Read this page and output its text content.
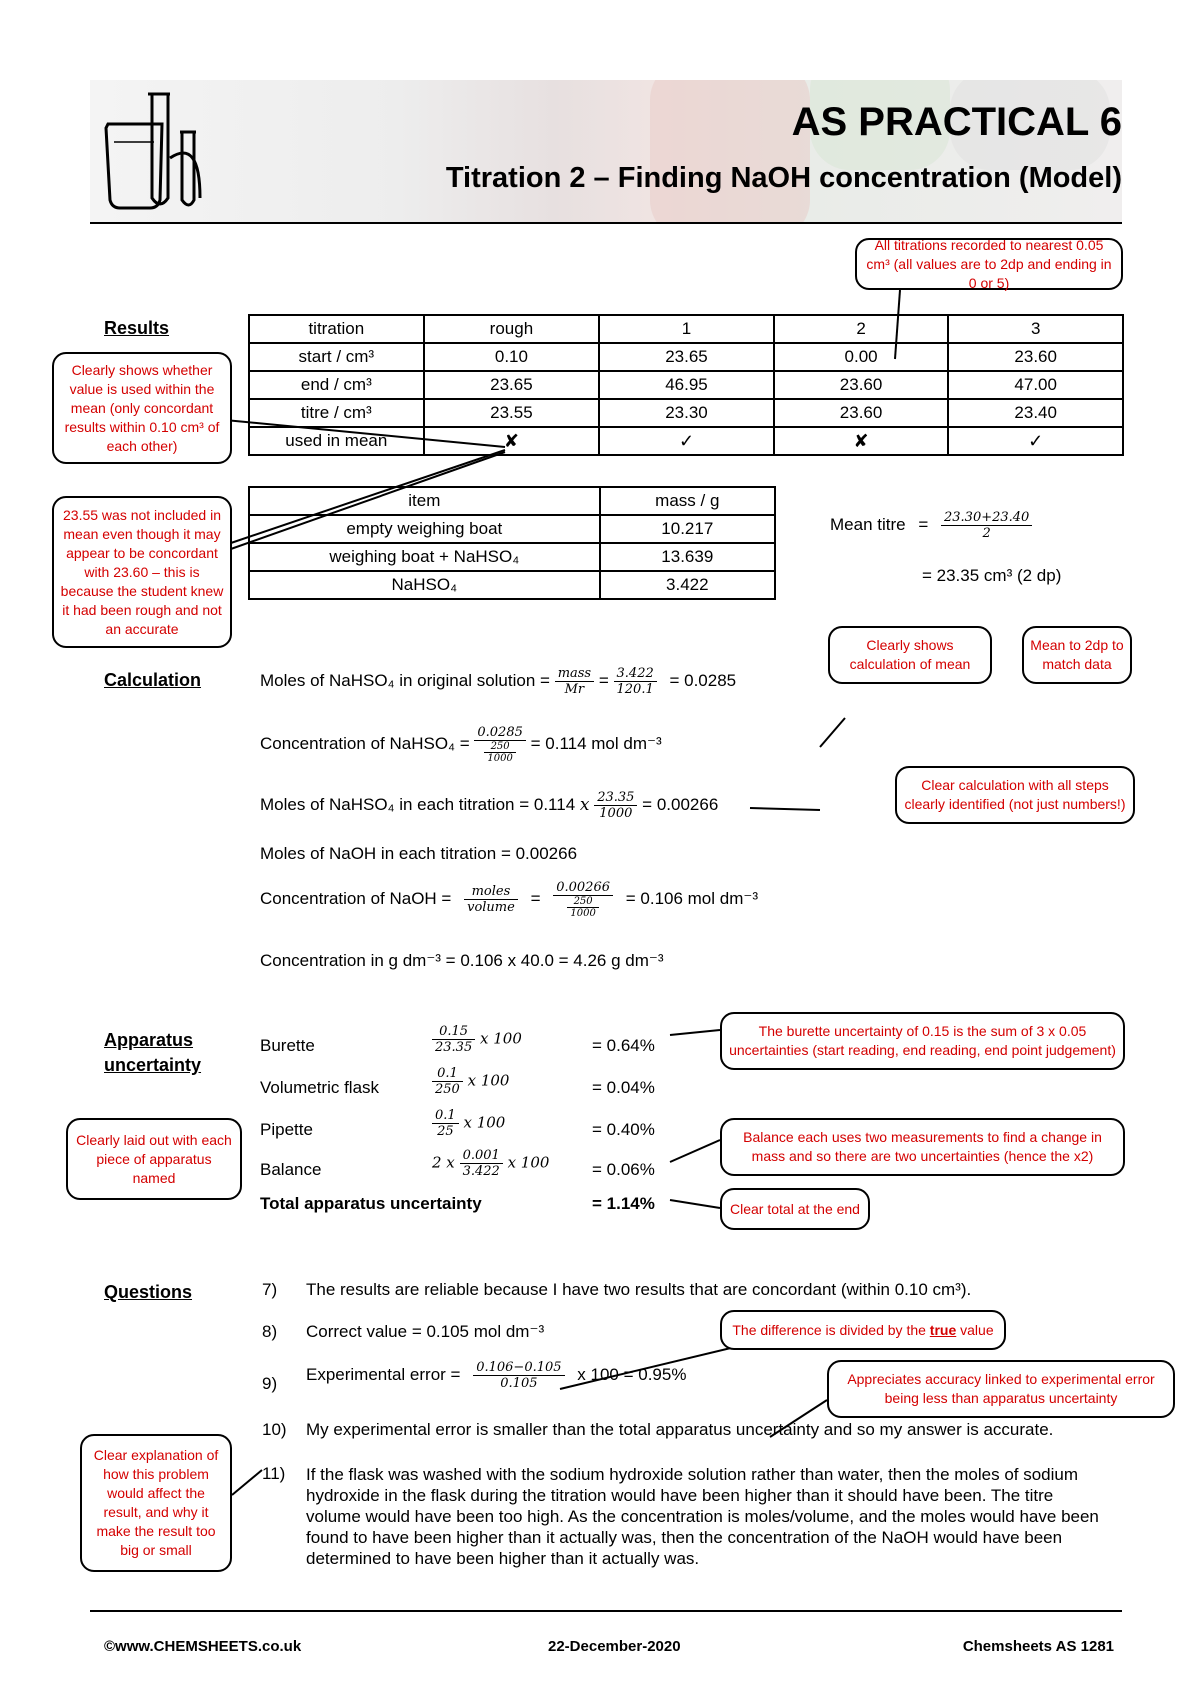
AS PRACTICAL 6
Titration 2 – Finding NaOH concentration (Model)
Results	titration	rough	1	2	3
start / cm³	0.10	23.65	0.00	23.60
end / cm³	23.65	46.95	23.60	47.00
titre / cm³	23.55	23.30	23.60	23.40
used in mean	✘	✓	✘	✓
item	mass / g
empty weighing boat	10.217
weighing boat + NaHSO₄	13.639
NaHSO₄	3.422
Mean titre = $\frac{23.30+23.40}{2}$
= 23.35 cm³ (2 dp)
Calculation	Moles of NaHSO₄ in original solution = $\frac{\text{mass}}{Mr} = \frac{3.422}{120.1} = 0.0285$
Concentration of NaHSO₄ = $\frac{0.0285}{\frac{250}{1000}} = 0.114$ mol dm⁻³
Moles of NaHSO₄ in each titration = 0.114 x $\frac{23.35}{1000} = 0.00266$
Moles of NaOH in each titration = 0.00266
Concentration of NaOH = $\frac{\text{moles}}{\text{volume}} = \frac{0.00266}{\frac{250}{1000}} = 0.106$ mol dm⁻³
Concentration in g dm⁻³ = 0.106 x 40.0 = 4.26 g dm⁻³
Apparatus
uncertainty
Burette	$\frac{0.15}{23.35}$ x 100	= 0.64%
Volumetric flask	$\frac{0.1}{250}$ x 100	= 0.04%
Pipette	$\frac{0.1}{25}$ x 100	= 0.40%
Balance	2 x $\frac{0.001}{3.422}$ x 100	= 0.06%
Total apparatus uncertainty	= 1.14%
Questions	7) The results are reliable because I have two results that are concordant (within 0.10 cm³).
8) Correct value = 0.105 mol dm⁻³
9) Experimental error = $\frac{0.106-0.105}{0.105}$ x 100 = 0.95%
10) My experimental error is smaller than the total apparatus uncertainty and so my answer is accurate.
11) If the flask was washed with the sodium hydroxide solution rather than water, then the moles of sodium hydroxide in the flask during the titration would have been higher than it should have been. The titre volume would have been too high. As the concentration is moles/volume, and the moles would have been found to have been higher than it actually was, then the concentration of the NaOH would have been determined to have been higher than it actually was.
All titrations recorded to nearest 0.05 cm³ (all values are to 2dp and ending in 0 or 5)
Clearly shows whether value is used within the mean (only concordant results within 0.10 cm³ of each other)
23.55 was not included in mean even though it may appear to be concordant with 23.60 – this is because the student knew it had been rough and not an accurate
Clearly shows calculation of mean
Mean to 2dp to match data
Clear calculation with all steps clearly identified (not just numbers!)
The burette uncertainty of 0.15 is the sum of 3 x 0.05 uncertainties (start reading, end reading, end point judgement)
Clearly laid out with each piece of apparatus named
Balance each uses two measurements to find a change in mass and so there are two uncertainties (hence the x2)
Clear total at the end
The difference is divided by the true value
Appreciates accuracy linked to experimental error being less than apparatus uncertainty
Clear explanation of how this problem would affect the result, and why it make the result too big or small
©www.CHEMSHEETS.co.uk	22-December-2020	Chemsheets AS 1281
